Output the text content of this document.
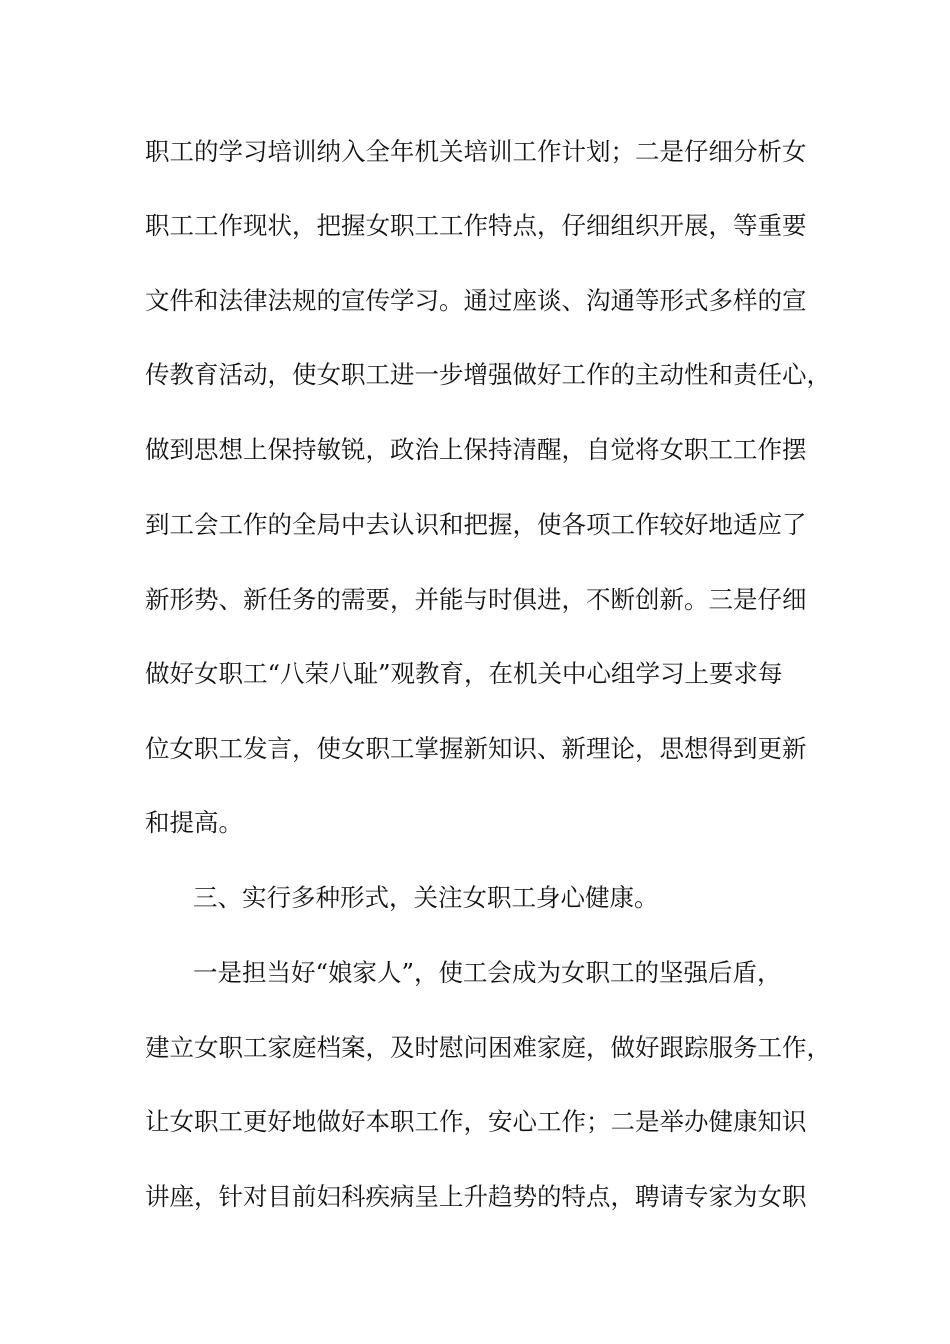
职工的学习培训纳入全年机关培训工作计划；二是仔细分析女
职工工作现状，把握女职工工作特点，仔细组织开展，等重要
文件和法律法规的宣传学习。通过座谈、沟通等形式多样的宣
传教育活动，使女职工进一步增强做好工作的主动性和责任心，
做到思想上保持敏锐，政治上保持清醒，自觉将女职工工作摆
到工会工作的全局中去认识和把握，使各项工作较好地适应了
新形势、新任务的需要，并能与时俱进，不断创新。三是仔细
做好女职工“八荣八耻”观教育，在机关中心组学习上要求每
位女职工发言，使女职工掌握新知识、新理论，思想得到更新
和提高。
三、实行多种形式，关注女职工身心健康。
一是担当好“娘家人”，使工会成为女职工的坚强后盾，
建立女职工家庭档案，及时慰问困难家庭，做好跟踪服务工作，
让女职工更好地做好本职工作，安心工作；二是举办健康知识
讲座，针对目前妇科疾病呈上升趋势的特点，聘请专家为女职
